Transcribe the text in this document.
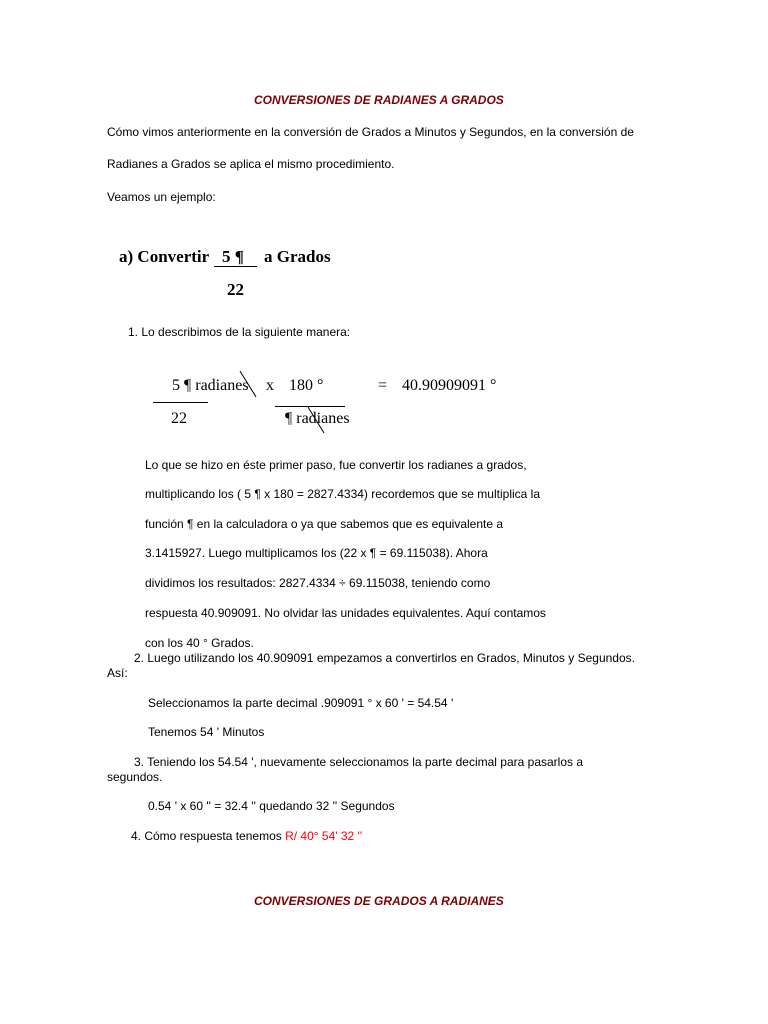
CONVERSIONES DE RADIANES A GRADOS
Cómo vimos anteriormente en la conversión de Grados a Minutos y Segundos, en la conversión de
Radianes a Grados se aplica el mismo procedimiento.
Veamos un ejemplo:
a) Convertir 5 ¶ a Grados
22
1. Lo describimos de la siguiente manera:
5 ¶ radianes x 180 °	= 40.90909091 °
22	¶ radianes
Lo que se hizo en éste primer paso, fue convertir los radianes a grados,
multiplicando los ( 5 ¶ x 180 = 2827.4334) recordemos que se multiplica la
función ¶ en la calculadora o ya que sabemos que es equivalente a
3.1415927. Luego multiplicamos los (22 x ¶ = 69.115038). Ahora
dividimos los resultados: 2827.4334 ÷ 69.115038, teniendo como
respuesta 40.909091. No olvidar las unidades equivalentes. Aquí contamos
con los 40 ° Grados.
2. Luego utilizando los 40.909091 empezamos a convertirlos en Grados, Minutos y Segundos.
Así:
Seleccionamos la parte decimal .909091 ° x 60 ' = 54.54 '
Tenemos 54 ' Minutos
3. Teniendo los 54.54 ', nuevamente seleccionamos la parte decimal para pasarlos a
segundos.
0.54 ' x 60 '' = 32.4 '' quedando 32 '' Segundos
4. Cómo respuesta tenemos R/ 40° 54' 32 ''
CONVERSIONES DE GRADOS A RADIANES
